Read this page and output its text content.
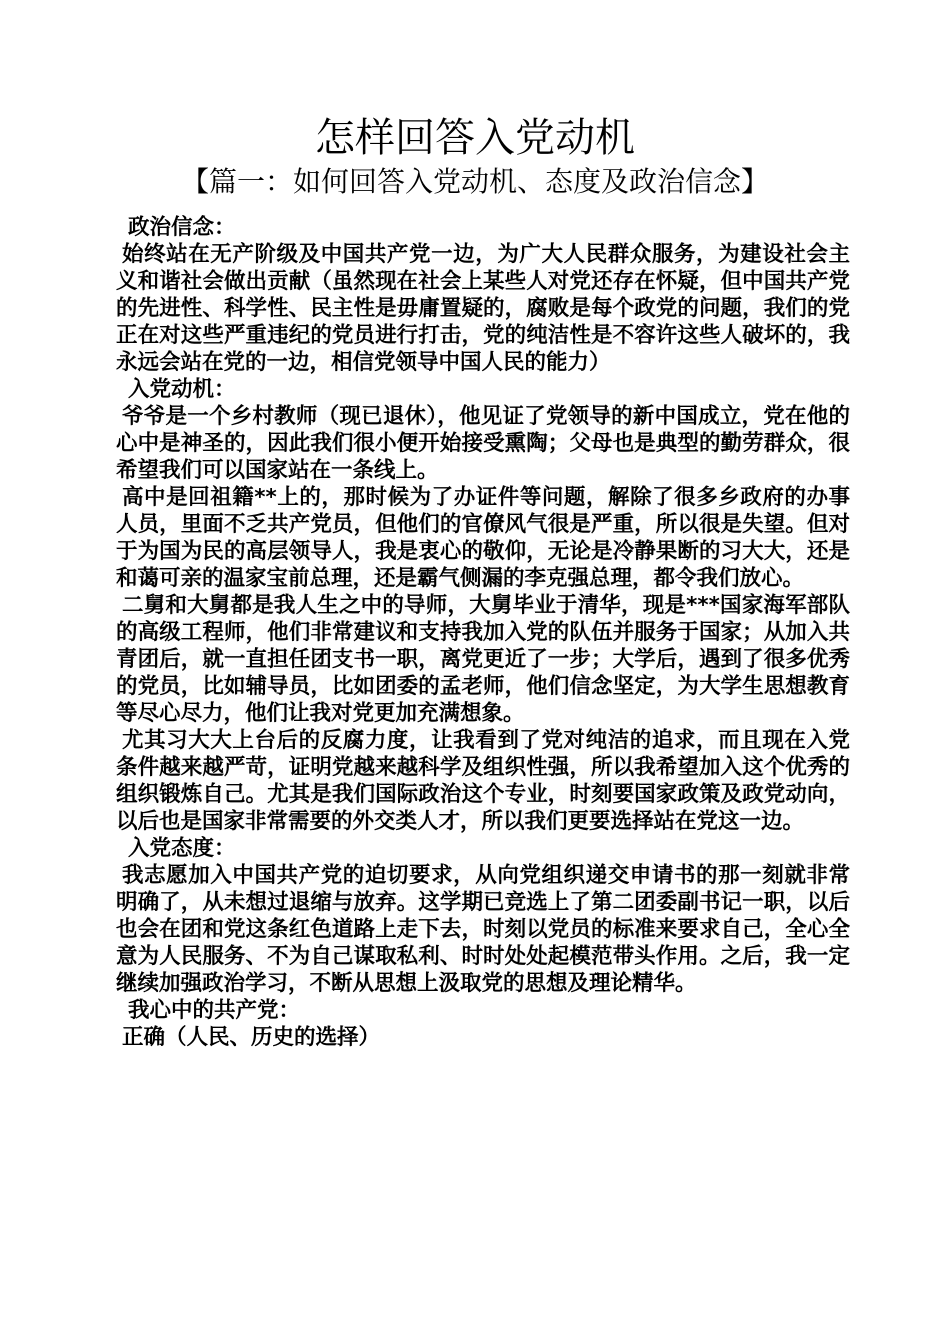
怎样回答入党动机
【篇一：如何回答入党动机、态度及政治信念】

政治信念：

始终站在无产阶级及中国共产党一边，为广大人民群众服务，为建设社会主义和谐社会做出贡献（虽然现在社会上某些人对党还存在怀疑，但中国共产党的先进性、科学性、民主性是毋庸置疑的，腐败是每个政党的问题，我们的党正在对这些严重违纪的党员进行打击，党的纯洁性是不容许这些人破坏的，我永远会站在党的一边，相信党领导中国人民的能力）

入党动机：

爷爷是一个乡村教师（现已退休），他见证了党领导的新中国成立，党在他的心中是神圣的，因此我们很小便开始接受熏陶；父母也是典型的勤劳群众，很希望我们可以国家站在一条线上。

高中是回祖籍**上的，那时候为了办证件等问题，解除了很多乡政府的办事人员，里面不乏共产党员，但他们的官僚风气很是严重，所以很是失望。但对于为国为民的高层领导人，我是衷心的敬仰，无论是冷静果断的习大大，还是和蔼可亲的温家宝前总理，还是霸气侧漏的李克强总理，都令我们放心。

二舅和大舅都是我人生之中的导师，大舅毕业于清华，现是***国家海军部队的高级工程师，他们非常建议和支持我加入党的队伍并服务于国家；从加入共青团后，就一直担任团支书一职，离党更近了一步；大学后，遇到了很多优秀的党员，比如辅导员，比如团委的孟老师，他们信念坚定，为大学生思想教育等尽心尽力，他们让我对党更加充满想象。

尤其习大大上台后的反腐力度，让我看到了党对纯洁的追求，而且现在入党条件越来越严苛，证明党越来越科学及组织性强，所以我希望加入这个优秀的组织锻炼自己。尤其是我们国际政治这个专业，时刻要国家政策及政党动向，以后也是国家非常需要的外交类人才，所以我们更要选择站在党这一边。

入党态度：

我志愿加入中国共产党的迫切要求，从向党组织递交申请书的那一刻就非常明确了，从未想过退缩与放弃。这学期已竞选上了第二团委副书记一职，以后也会在团和党这条红色道路上走下去，时刻以党员的标准来要求自己，全心全意为人民服务、不为自己谋取私利、时时处处起模范带头作用。之后，我一定继续加强政治学习，不断从思想上汲取党的思想及理论精华。

我心中的共产党：

正确（人民、历史的选择）
